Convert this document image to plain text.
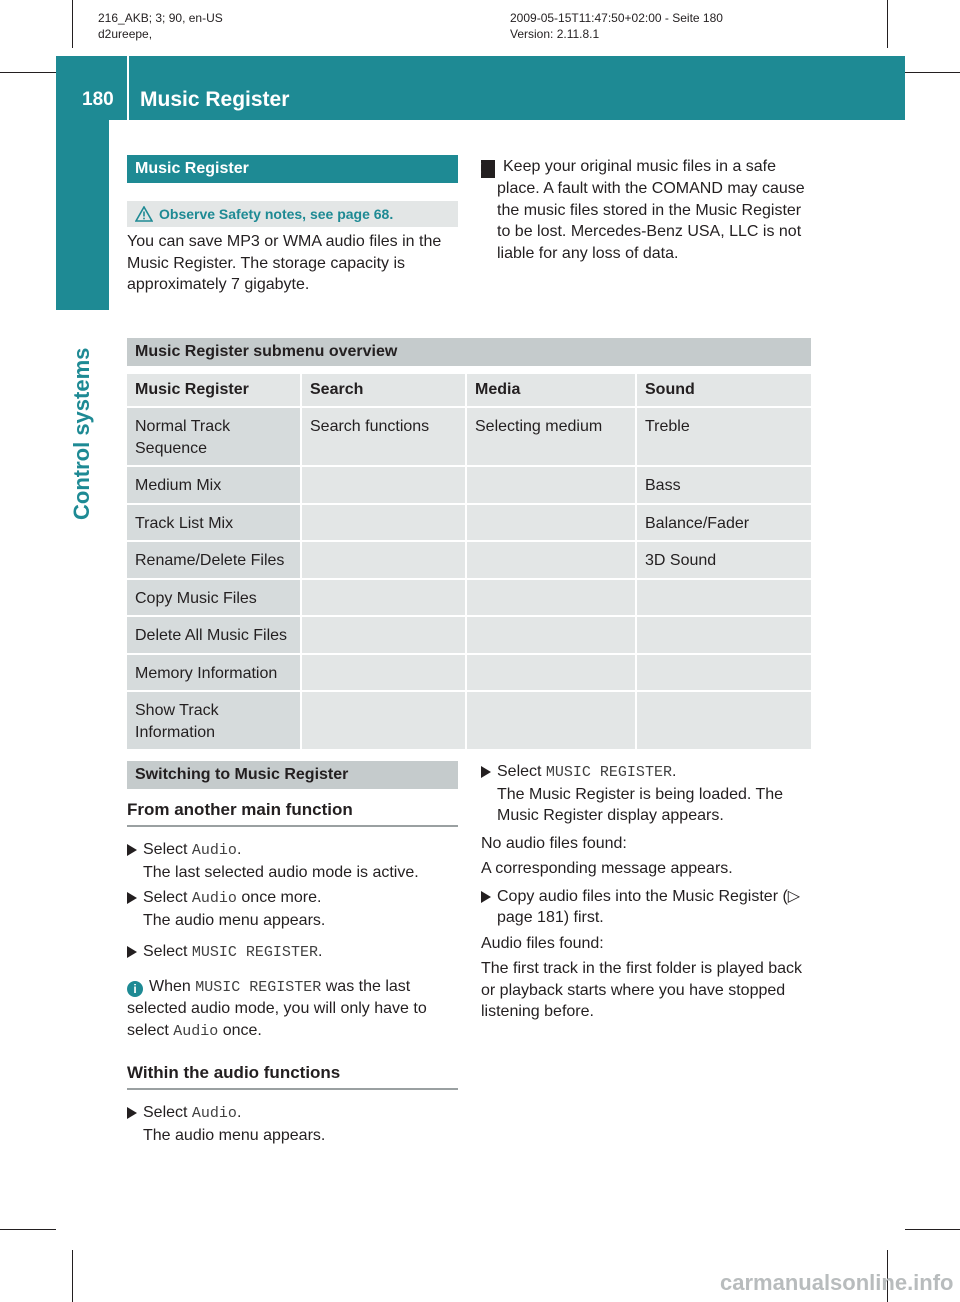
216_AKB; 3; 90, en-US
d2ureepe,
2009-05-15T11:47:50+02:00 - Seite 180
Version: 2.11.8.1
180	Music Register
Control systems
Music Register
Observe Safety notes, see page 68.
You can save MP3 or WMA audio files in the Music Register. The storage capacity is approximately 7 gigabyte.
! Keep your original music files in a safe place. A fault with the COMAND may cause the music files stored in the Music Register to be lost. Mercedes-Benz USA, LLC is not liable for any loss of data.
Music Register submenu overview
Music Register	Search	Media	Sound
Normal Track Sequence	Search functions	Selecting medium	Treble
Medium Mix			Bass
Track List Mix			Balance/Fader
Rename/Delete Files			3D Sound
Copy Music Files			
Delete All Music Files			
Memory Information			
Show Track Information			
Switching to Music Register
From another main function
Select Audio.
The last selected audio mode is active.
Select Audio once more.
The audio menu appears.
Select MUSIC REGISTER.
i When MUSIC REGISTER was the last selected audio mode, you will only have to select Audio once.
Within the audio functions
Select Audio.
The audio menu appears.
Select MUSIC REGISTER.
The Music Register is being loaded. The Music Register display appears.
No audio files found:
A corresponding message appears.
Copy audio files into the Music Register (▷ page 181) first.
Audio files found:
The first track in the first folder is played back or playback starts where you have stopped listening before.
carmanualsonline.info
